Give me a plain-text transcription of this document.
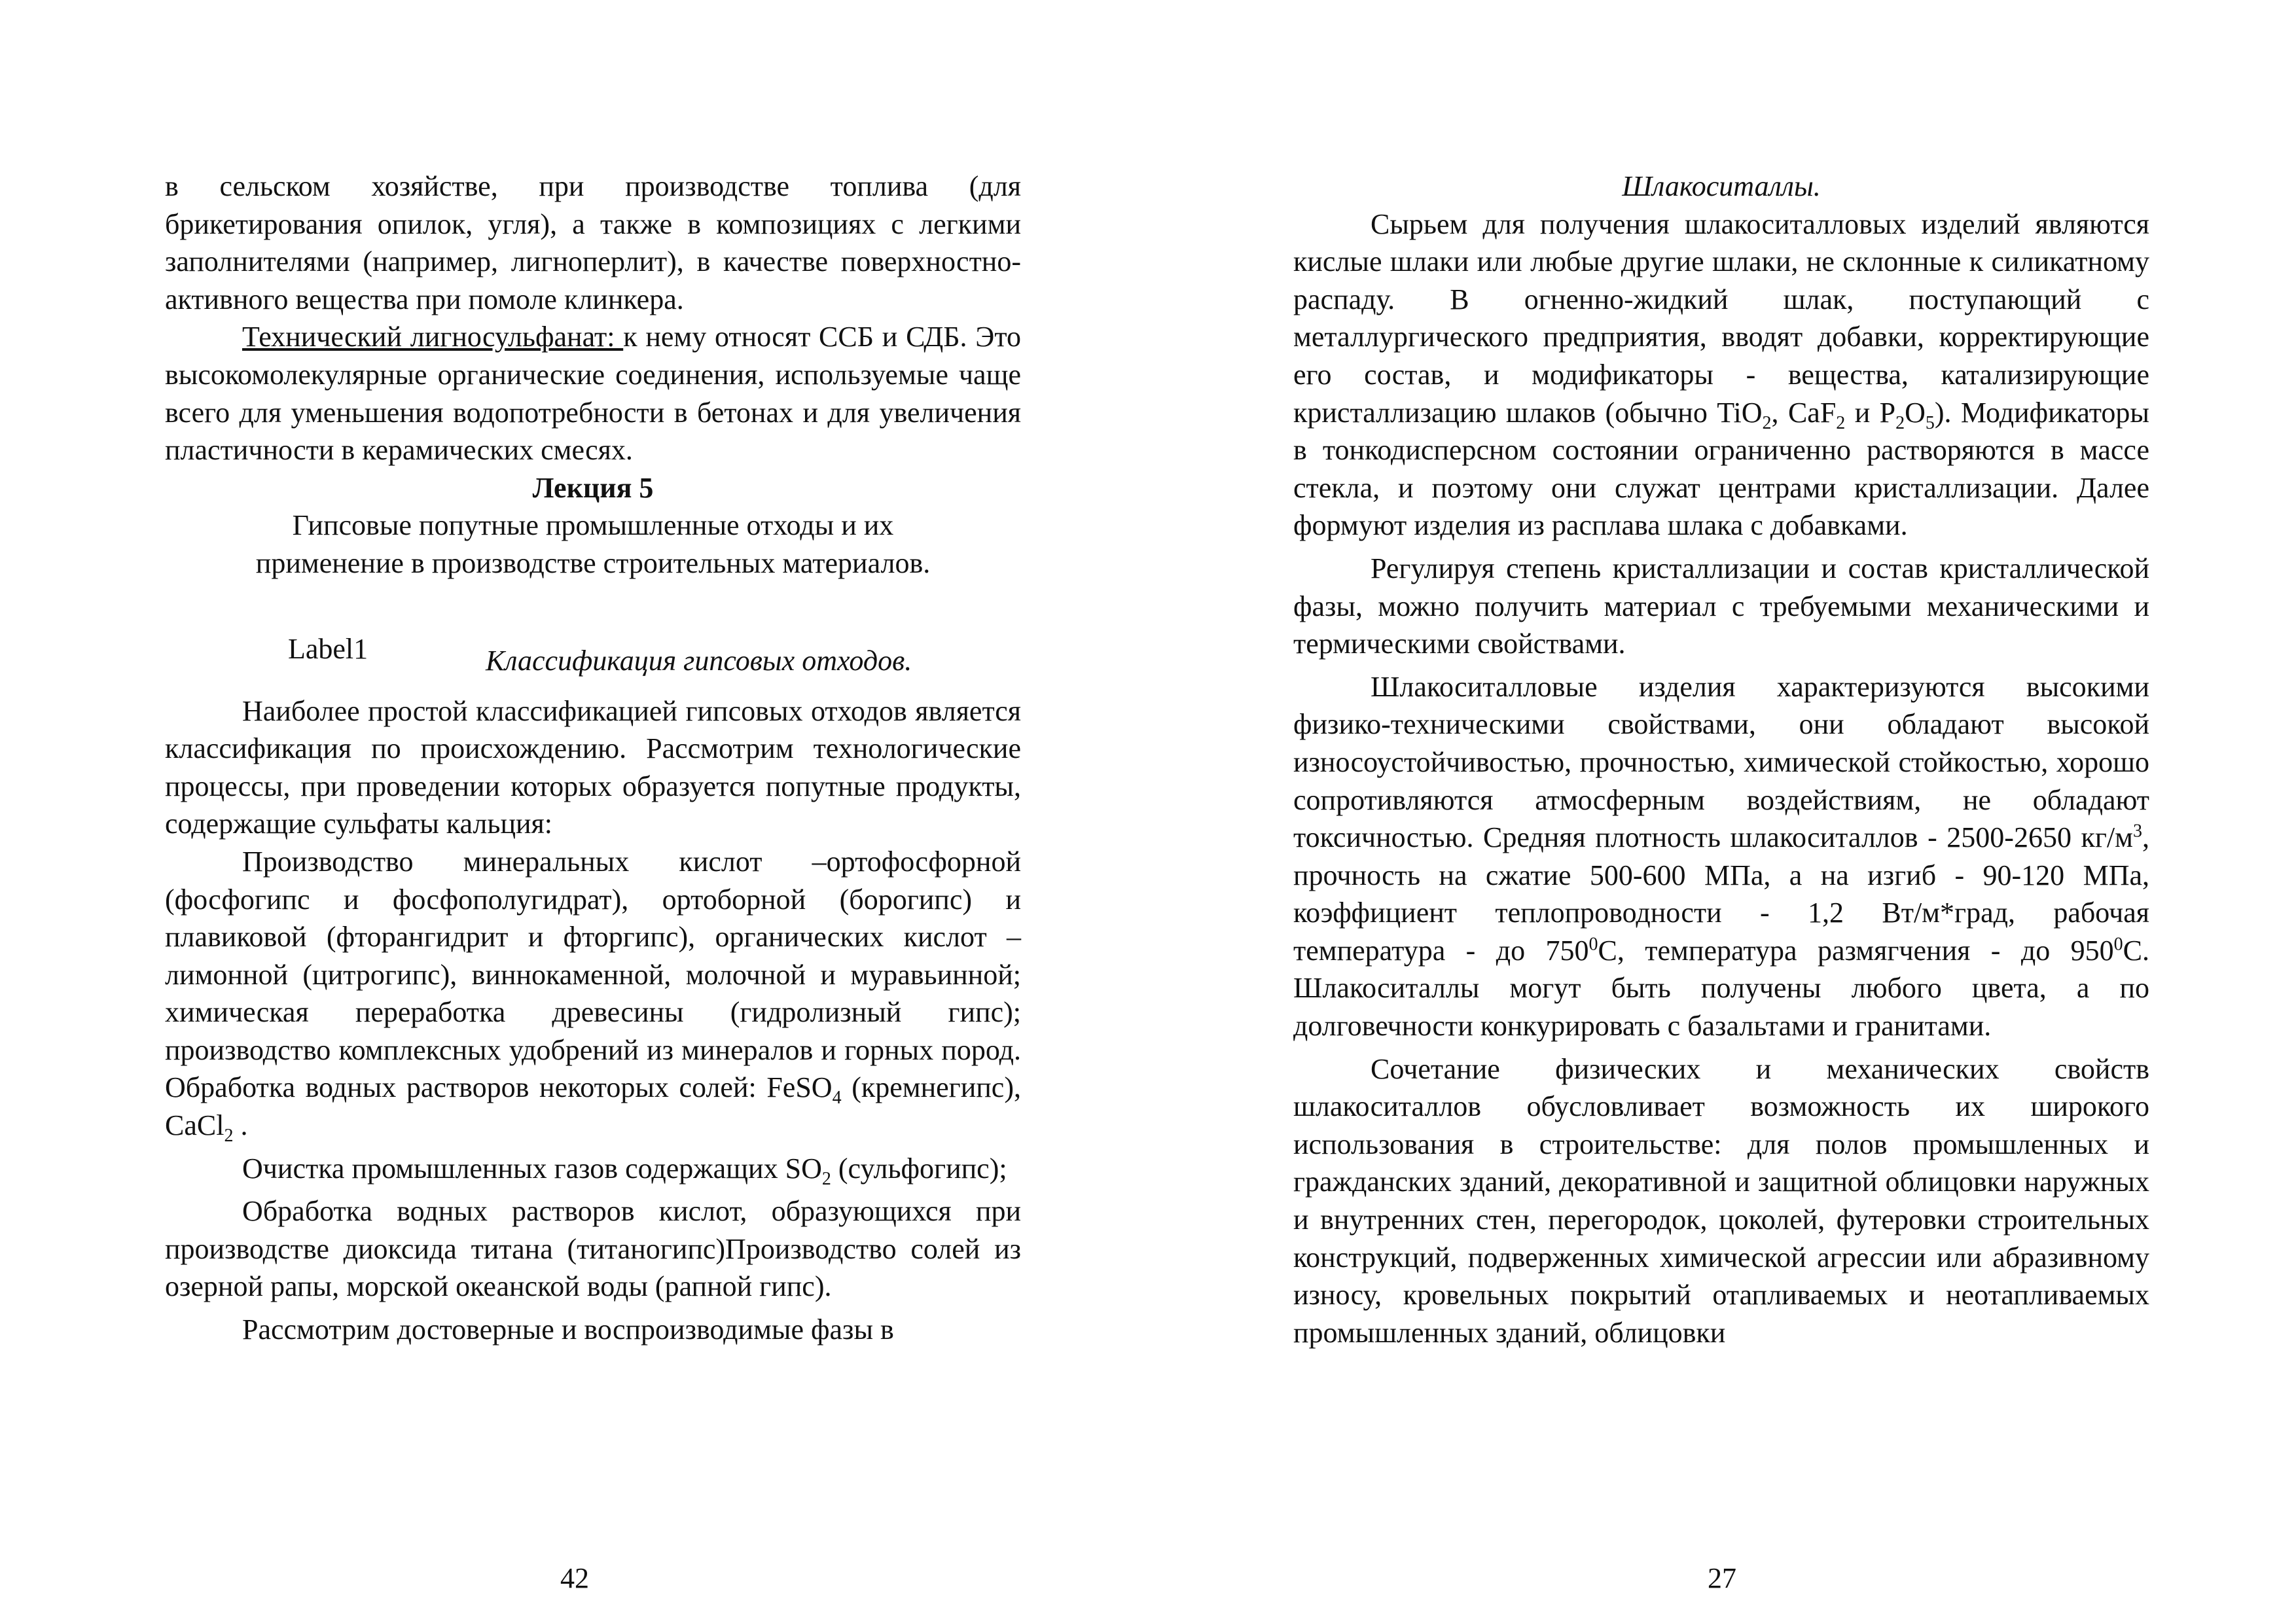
в сельском хозяйстве, при производстве топлива (для брикетирования опилок, угля), а также в композициях с легкими заполнителями (например, лигноперлит), в качестве поверхностно-активного вещества при помоле клинкера.

Технический лигносульфанат: к нему относят ССБ и СДБ. Это высокомолекулярные органические соединения, используемые чаще всего для уменьшения водопотребности в бетонах и для увеличения пластичности в керамических смесях.

Лекция 5
Гипсовые попутные промышленные отходы и их
применение в производстве строительных материалов.
Label1	Классификация гипсовых отходов.

Наиболее простой классификацией гипсовых отходов является классификация по происхождению. Рассмотрим технологические процессы, при проведении которых образуется попутные продукты, содержащие сульфаты кальция:

Производство минеральных кислот –ортофосфорной (фосфогипс и фосфополугидрат), ортоборной (борогипс) и плавиковой (фторангидрит и фторгипс), органических кислот –лимонной (цитрогипс), виннокаменной, молочной и муравьинной; химическая переработка древесины (гидролизный гипс); производство комплексных удобрений из минералов и горных пород. Обработка водных растворов некоторых солей: FeSO$_4$ (кремнегипс), CaCl$_2$ .

Очистка промышленных газов содержащих $SO_2$ (сульфогипс);

Обработка водных растворов кислот, образующихся при производстве диоксида титана (титаногипс)Производство солей из озерной рапы, морской океанской воды (рапной гипс).

Рассмотрим достоверные и воспроизводимые фазы в

42
Шлакоситаллы.

Сырьем для получения шлакоситалловых изделий являются кислые шлаки или любые другие шлаки, не склонные к силикатному распаду. В огненно-жидкий шлак, поступающий с металлургического предприятия, вводят добавки, корректирующие его состав, и модификаторы - вещества, катализирующие кристаллизацию шлаков (обычно TiO$_2$, CaF$_2$ и $P_2O_5$). Модификаторы в тонкодисперсном состоянии ограниченно растворяются в массе стекла, и поэтому они служат центрами кристаллизации. Далее формуют изделия из расплава шлака с добавками.

Регулируя степень кристаллизации и состав кристаллической фазы, можно получить материал с требуемыми механическими и термическими свойствами.

Шлакоситалловые изделия характеризуются высокими физико-техническими свойствами, они обладают высокой износоустойчивостью, прочностью, химической стойкостью, хорошо сопротивляются атмосферным воздействиям, не обладают токсичностью. Средняя плотность шлакоситаллов - 2500-2650 $кг/м^3$, прочность на сжатие 500-600 МПа, а на изгиб - 90-120 МПа, коэффициент теплопроводности - 1,2 Вт/м*град, рабочая температура - до $750^0С$, температура размягчения - до $950^0С$. Шлакоситаллы могут быть получены любого цвета, а по долговечности конкурировать с базальтами и гранитами.

Сочетание физических и механических свойств шлакоситаллов обусловливает возможность их широкого использования в строительстве: для полов промышленных и гражданских зданий, декоративной и защитной облицовки наружных и внутренних стен, перегородок, цоколей, футеровки строительных конструкций, подверженных химической агрессии или абразивному износу, кровельных покрытий отапливаемых и неотапливаемых промышленных зданий, облицовки

27
